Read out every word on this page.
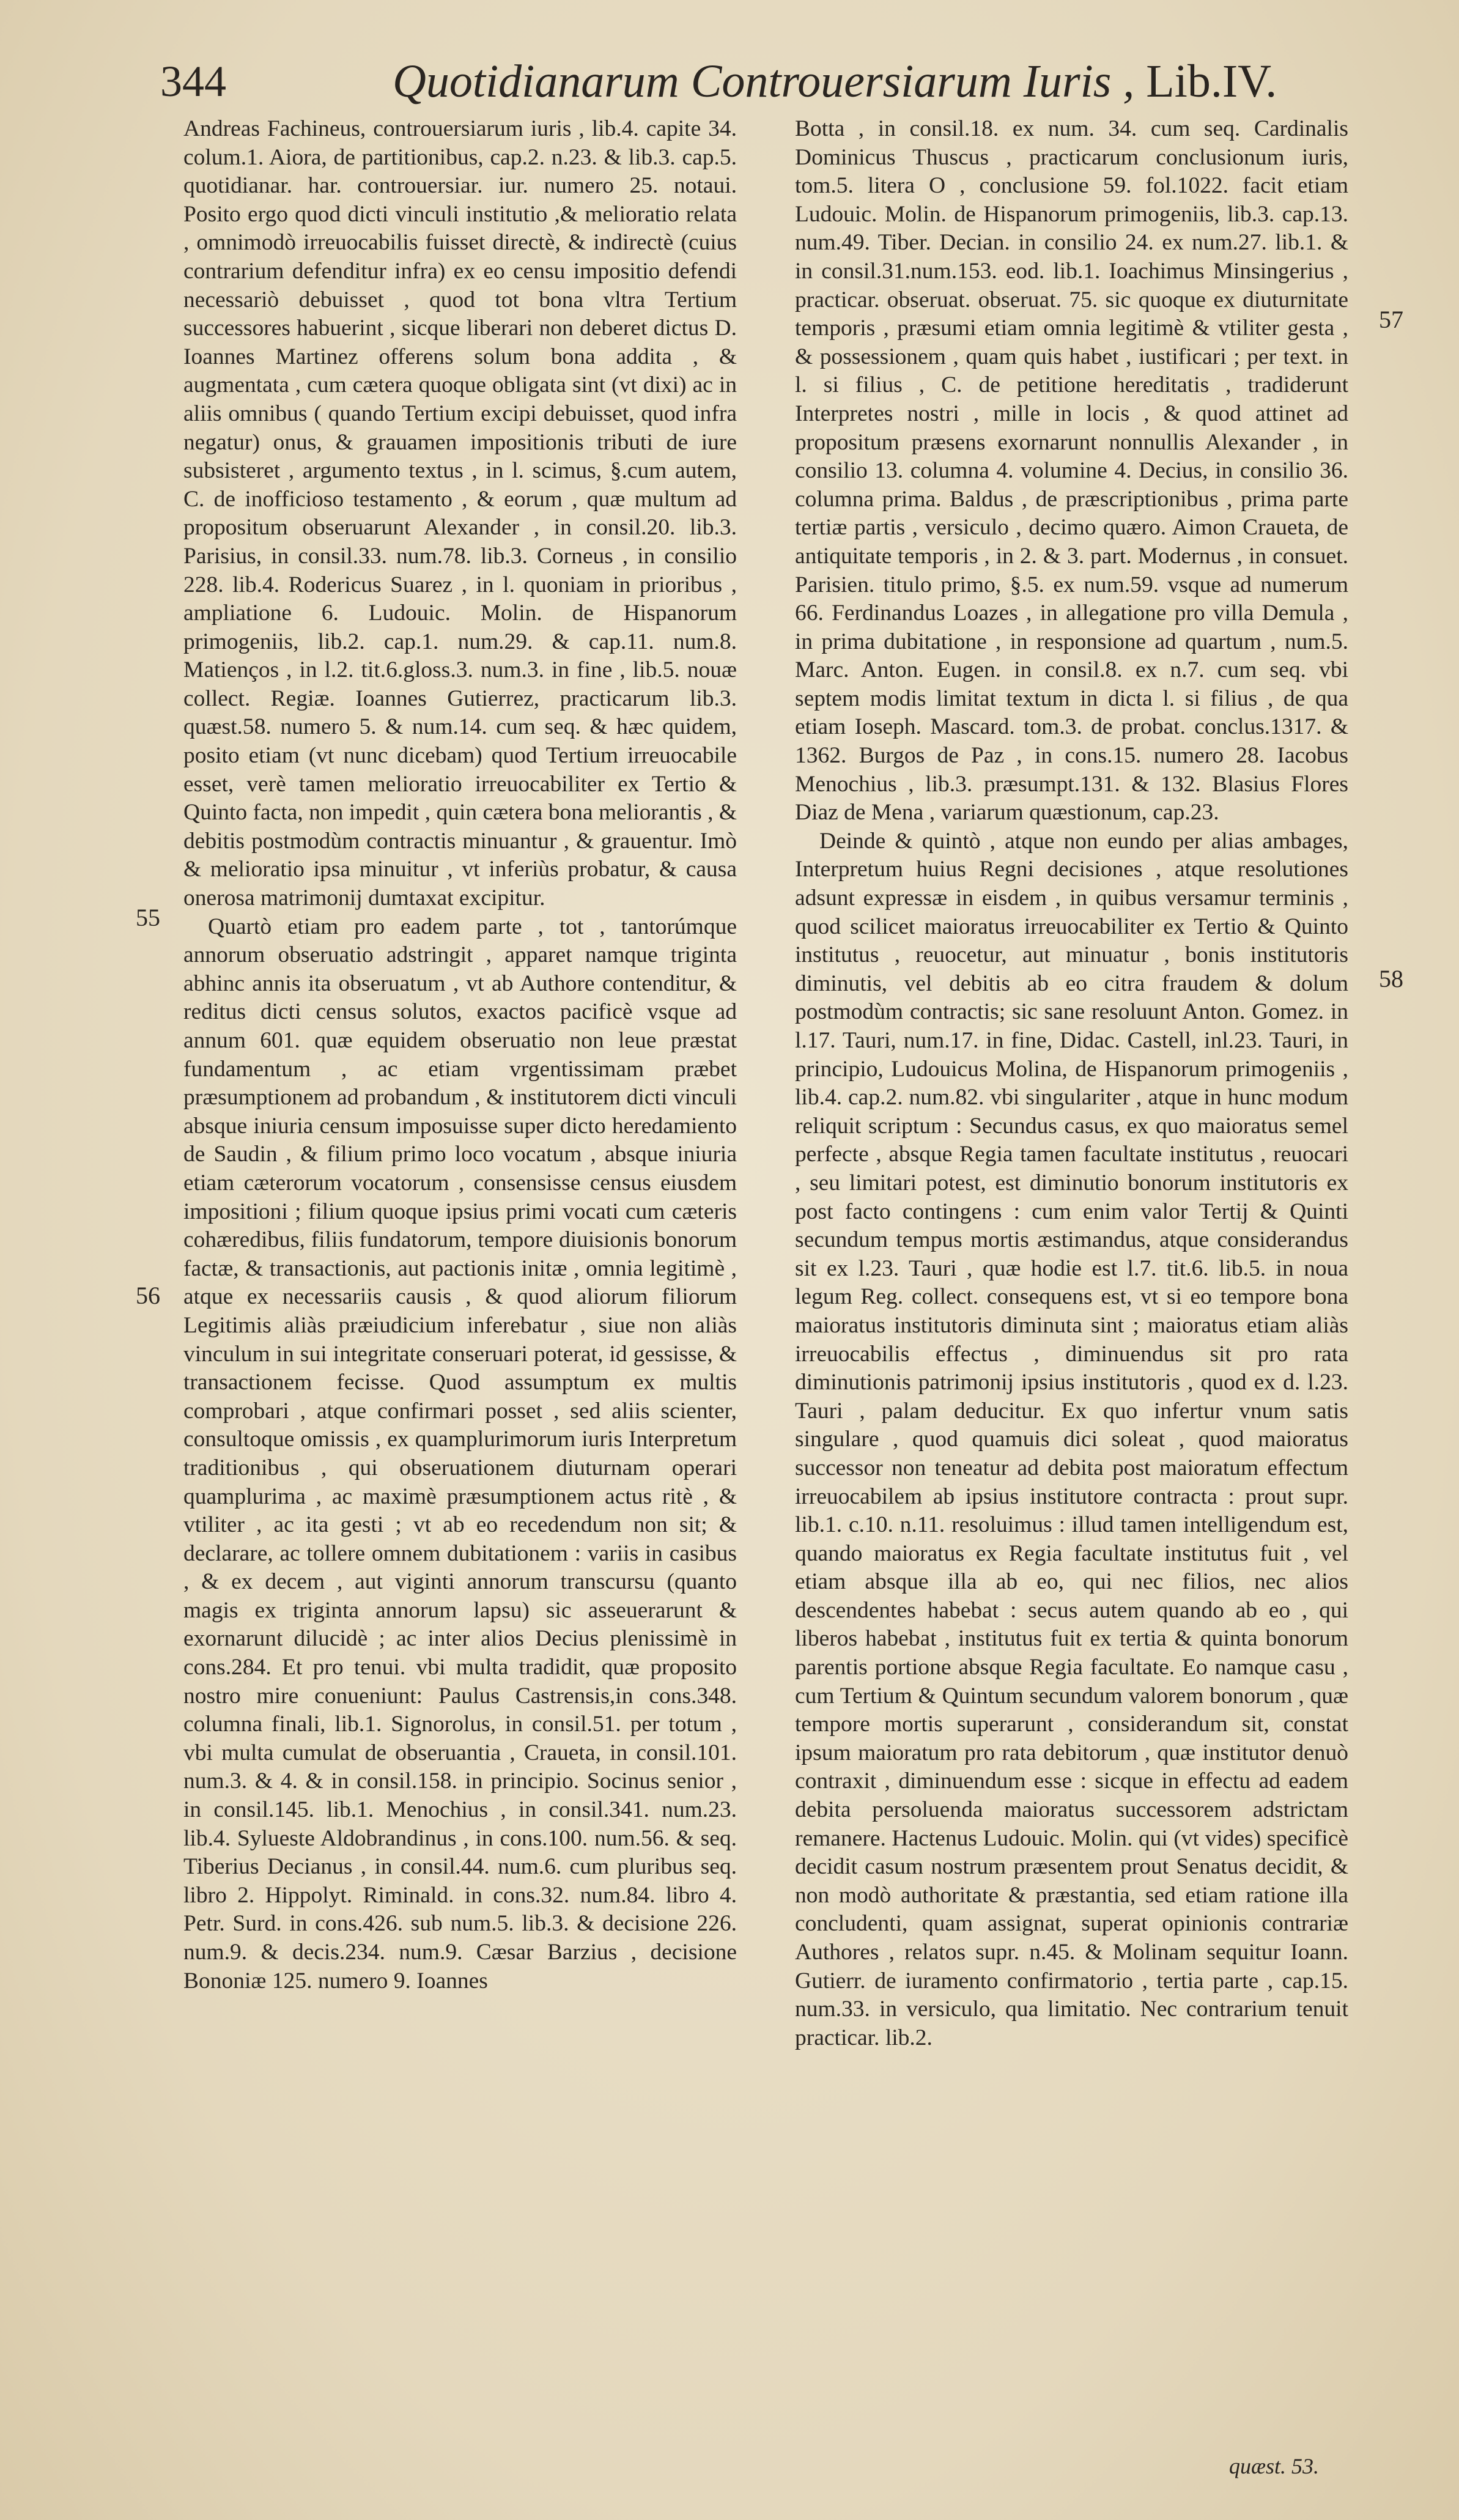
344	Quotidianarum Controuersiarum Iuris , Lib.IV.

Andreas Fachineus, controuersiarum iuris , lib.4. capite 34. colum.1. Aiora, de partitionibus, cap.2. n.23. & lib.3. cap.5. quotidianar. har. controuersiar. iur. numero 25. notaui. Posito ergo quod dicti vinculi institutio ,& melioratio relata , omnimodò irreuocabilis fuisset directè, & indirectè (cuius contrarium defenditur infra) ex eo censu impositio defendi necessariò debuisset , quod tot bona vltra Tertium successores habuerint , sicque liberari non deberet dictus D. Ioannes Martinez offerens solum bona addita , & augmentata , cum cætera quoque obligata sint (vt dixi) ac in aliis omnibus ( quando Tertium excipi debuisset, quod infra negatur) onus, & grauamen impositionis tributi de iure subsisteret , argumento textus , in l. scimus, §.cum autem, C. de inofficioso testamento , & eorum , quæ multum ad propositum obseruarunt Alexander , in consil.20. lib.3. Parisius, in consil.33. num.78. lib.3. Corneus , in consilio 228. lib.4. Rodericus Suarez , in l. quoniam in prioribus , ampliatione 6. Ludouic. Molin. de Hispanorum primogeniis, lib.2. cap.1. num.29. & cap.11. num.8. Matienços , in l.2. tit.6.gloss.3. num.3. in fine , lib.5. nouæ collect. Regiæ. Ioannes Gutierrez, practicarum lib.3. quæst.58. numero 5. & num.14. cum seq. & hæc quidem, posito etiam (vt nunc dicebam) quod Tertium irreuocabile esset, verè tamen melioratio irreuocabiliter ex Tertio & Quinto facta, non impedit , quin cætera bona meliorantis , & debitis postmodùm contractis minuantur , & grauentur. Imò & melioratio ipsa minuitur , vt inferiùs probatur, & causa onerosa matrimonij dumtaxat excipitur.

Quartò etiam pro eadem parte , tot , tantorúmque annorum obseruatio adstringit , apparet namque triginta abhinc annis ita obseruatum , vt ab Authore contenditur, & reditus dicti census solutos, exactos pacificè vsque ad annum 601. quæ equidem obseruatio non leue præstat fundamentum , ac etiam vrgentissimam præbet præsumptionem ad probandum , & institutorem dicti vinculi absque iniuria censum imposuisse super dicto heredamiento de Saudin , & filium primo loco vocatum , absque iniuria etiam cæterorum vocatorum , consensisse census eiusdem impositioni ; filium quoque ipsius primi vocati cum cæteris cohæredibus, filiis fundatorum, tempore diuisionis bonorum factæ, & transactionis, aut pactionis initæ , omnia legitimè , atque ex necessariis causis , & quod aliorum filiorum Legitimis aliàs præiudicium inferebatur , siue non aliàs vinculum in sui integritate conseruari poterat, id gessisse, & transactionem fecisse. Quod assumptum ex multis comprobari , atque confirmari posset , sed aliis scienter, consultoque omissis , ex quamplurimorum iuris Interpretum traditionibus , qui obseruationem diuturnam operari quamplurima , ac maximè præsumptionem actus ritè , & vtiliter , ac ita gesti ; vt ab eo recedendum non sit; & declarare, ac tollere omnem dubitationem : variis in casibus , & ex decem , aut viginti annorum transcursu (quanto magis ex triginta annorum lapsu) sic asseuerarunt & exornarunt dilucidè ; ac inter alios Decius plenissimè in cons.284. Et pro tenui. vbi multa tradidit, quæ proposito nostro mire conueniunt: Paulus Castrensis,in cons.348. columna finali, lib.1. Signorolus, in consil.51. per totum , vbi multa cumulat de obseruantia , Craueta, in consil.101. num.3. & 4. & in consil.158. in principio. Socinus senior , in consil.145. lib.1. Menochius , in consil.341. num.23. lib.4. Sylueste Aldobrandinus , in cons.100. num.56. & seq. Tiberius Decianus , in consil.44. num.6. cum pluribus seq. libro 2. Hippolyt. Riminald. in cons.32. num.84. libro 4. Petr. Surd. in cons.426. sub num.5. lib.3. & decisione 226. num.9. & decis.234. num.9. Cæsar Barzius , decisione Bononiæ 125. numero 9. Ioannes

Botta , in consil.18. ex num. 34. cum seq. Cardinalis Dominicus Thuscus , practicarum conclusionum iuris, tom.5. litera O , conclusione 59. fol.1022. facit etiam Ludouic. Molin. de Hispanorum primogeniis, lib.3. cap.13. num.49. Tiber. Decian. in consilio 24. ex num.27. lib.1. & in consil.31.num.153. eod. lib.1. Ioachimus Minsingerius , practicar. obseruat. obseruat. 75. sic quoque ex diuturnitate temporis , præsumi etiam omnia legitimè & vtiliter gesta , & possessionem , quam quis habet , iustificari ; per text. in l. si filius , C. de petitione hereditatis , tradiderunt Interpretes nostri , mille in locis , & quod attinet ad propositum præsens exornarunt nonnullis Alexander , in consilio 13. columna 4. volumine 4. Decius, in consilio 36. columna prima. Baldus , de præscriptionibus , prima parte tertiæ partis , versiculo , decimo quæro. Aimon Craueta, de antiquitate temporis , in 2. & 3. part. Modernus , in consuet. Parisien. titulo primo, §.5. ex num.59. vsque ad numerum 66. Ferdinandus Loazes , in allegatione pro villa Demula , in prima dubitatione , in responsione ad quartum , num.5. Marc. Anton. Eugen. in consil.8. ex n.7. cum seq. vbi septem modis limitat textum in dicta l. si filius , de qua etiam Ioseph. Mascard. tom.3. de probat. conclus.1317. & 1362. Burgos de Paz , in cons.15. numero 28. Iacobus Menochius , lib.3. præsumpt.131. & 132. Blasius Flores Diaz de Mena , variarum quæstionum, cap.23.

Deinde & quintò , atque non eundo per alias ambages, Interpretum huius Regni decisiones , atque resolutiones adsunt expressæ in eisdem , in quibus versamur terminis , quod scilicet maioratus irreuocabiliter ex Tertio & Quinto institutus , reuocetur, aut minuatur , bonis institutoris diminutis, vel debitis ab eo citra fraudem & dolum postmodùm contractis; sic sane resoluunt Anton. Gomez. in l.17. Tauri, num.17. in fine, Didac. Castell, inl.23. Tauri, in principio, Ludouicus Molina, de Hispanorum primogeniis , lib.4. cap.2. num.82. vbi singulariter , atque in hunc modum reliquit scriptum : Secundus casus, ex quo maioratus semel perfecte , absque Regia tamen facultate institutus , reuocari , seu limitari potest, est diminutio bonorum institutoris ex post facto contingens : cum enim valor Tertij & Quinti secundum tempus mortis æstimandus, atque considerandus sit ex l.23. Tauri , quæ hodie est l.7. tit.6. lib.5. in noua legum Reg. collect. consequens est, vt si eo tempore bona maioratus institutoris diminuta sint ; maioratus etiam aliàs irreuocabilis effectus , diminuendus sit pro rata diminutionis patrimonij ipsius institutoris , quod ex d. l.23. Tauri , palam deducitur. Ex quo infertur vnum satis singulare , quod quamuis dici soleat , quod maioratus successor non teneatur ad debita post maioratum effectum irreuocabilem ab ipsius institutore contracta : prout supr. lib.1. c.10. n.11. resoluimus : illud tamen intelligendum est, quando maioratus ex Regia facultate institutus fuit , vel etiam absque illa ab eo, qui nec filios, nec alios descendentes habebat : secus autem quando ab eo , qui liberos habebat , institutus fuit ex tertia & quinta bonorum parentis portione absque Regia facultate. Eo namque casu , cum Tertium & Quintum secundum valorem bonorum , quæ tempore mortis superarunt , considerandum sit, constat ipsum maioratum pro rata debitorum , quæ institutor denuò contraxit , diminuendum esse : sicque in effectu ad eadem debita persoluenda maioratus successorem adstrictam remanere. Hactenus Ludouic. Molin. qui (vt vides) specificè decidit casum nostrum præsentem prout Senatus decidit, & non modò authoritate & præstantia, sed etiam ratione illa concludenti, quam assignat, superat opinionis contrariæ Authores , relatos supr. n.45. & Molinam sequitur Ioann. Gutierr. de iuramento confirmatorio , tertia parte , cap.15. num.33. in versiculo, qua limitatio. Nec contrarium tenuit practicar. lib.2.

55
56
57
58
quæst. 53.
